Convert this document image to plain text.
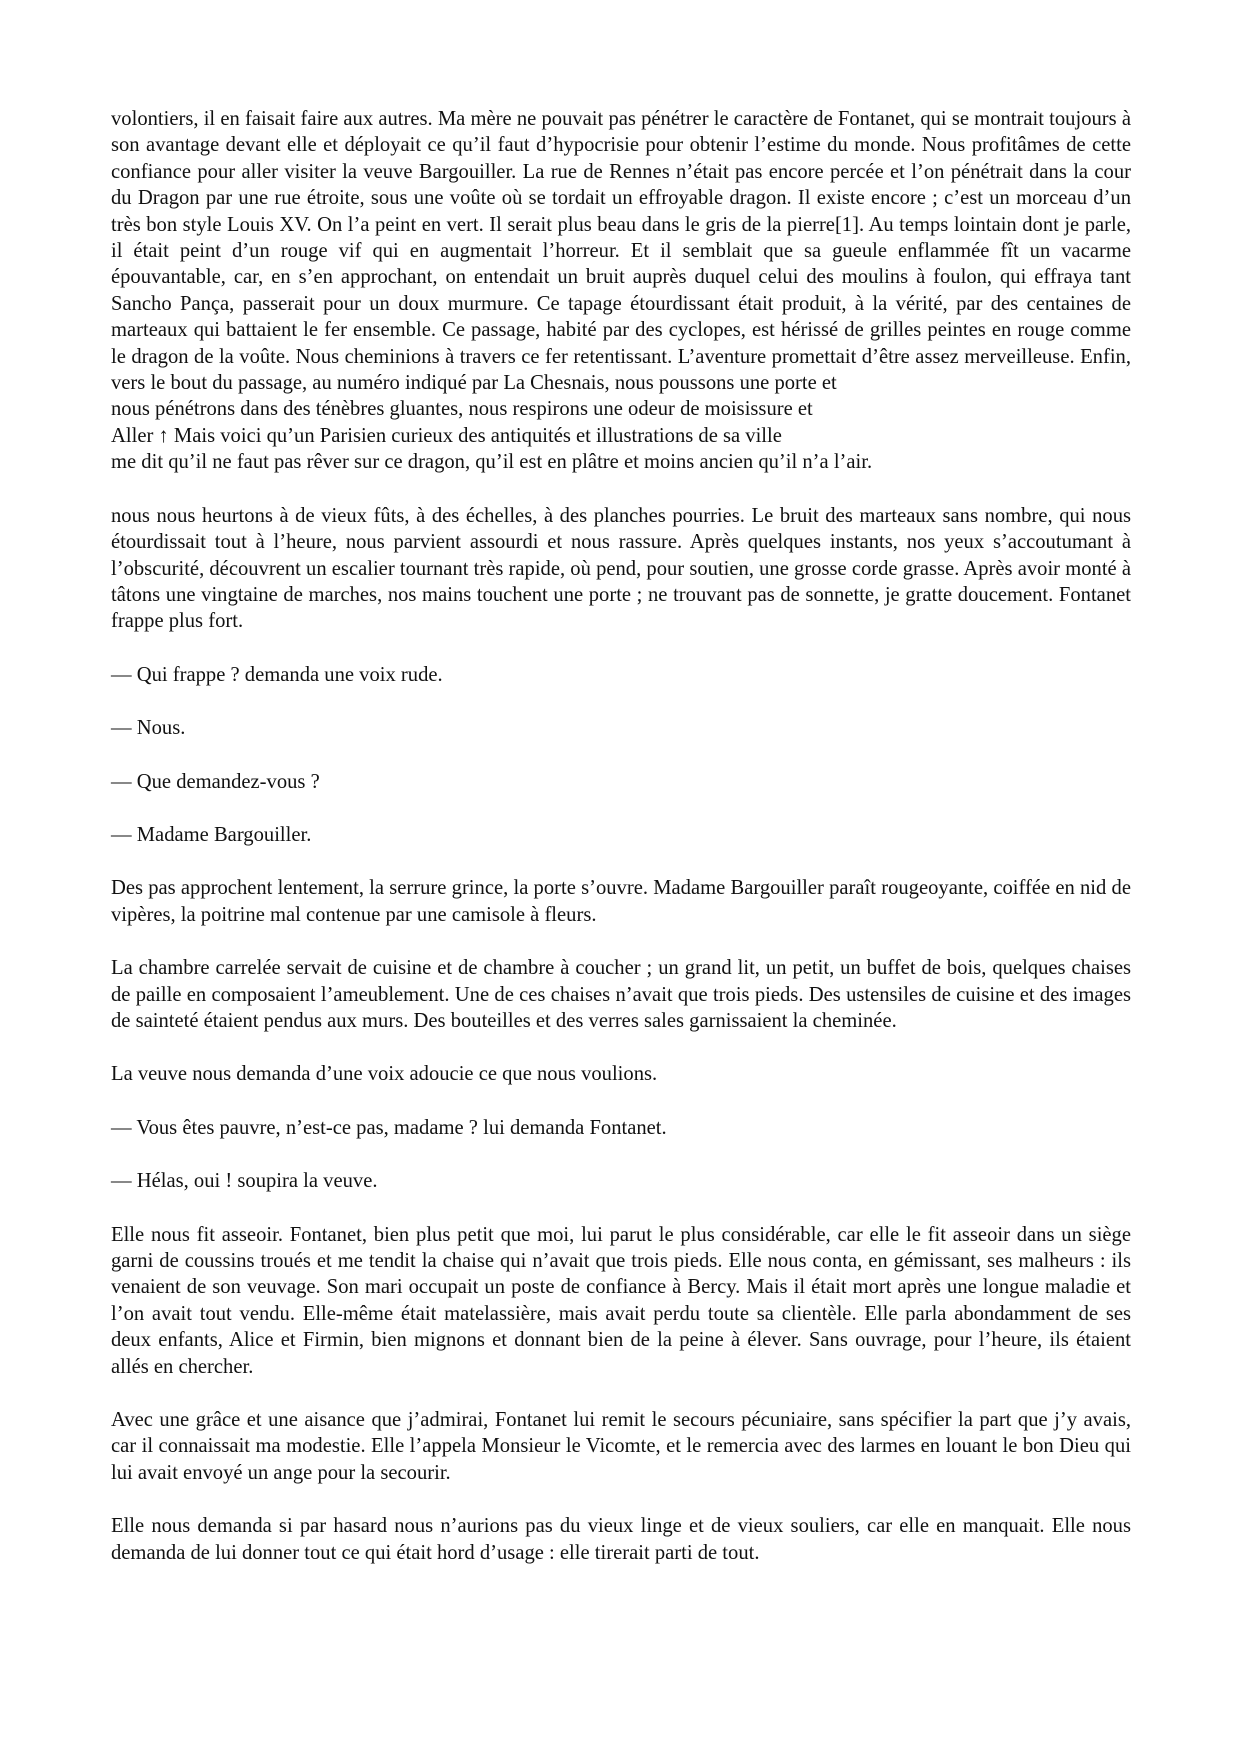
volontiers, il en faisait faire aux autres. Ma mère ne pouvait pas pénétrer le caractère de Fontanet, qui se montrait toujours à son avantage devant elle et déployait ce qu’il faut d’hypocrisie pour obtenir l’estime du monde. Nous profitâmes de cette confiance pour aller visiter la veuve Bargouiller. La rue de Rennes n’était pas encore percée et l’on pénétrait dans la cour du Dragon par une rue étroite, sous une voûte où se tordait un effroyable dragon. Il existe encore ; c’est un morceau d’un très bon style Louis XV. On l’a peint en vert. Il serait plus beau dans le gris de la pierre[1]. Au temps lointain dont je parle, il était peint d’un rouge vif qui en augmentait l’horreur. Et il semblait que sa gueule enflammée fît un vacarme épouvantable, car, en s’en approchant, on entendait un bruit auprès duquel celui des moulins à foulon, qui effraya tant Sancho Pança, passerait pour un doux murmure. Ce tapage étourdissant était produit, à la vérité, par des centaines de marteaux qui battaient le fer ensemble. Ce passage, habité par des cyclopes, est hérissé de grilles peintes en rouge comme le dragon de la voûte. Nous cheminions à travers ce fer retentissant. L’aventure promettait d’être assez merveilleuse. Enfin, vers le bout du passage, au numéro indiqué par La Chesnais, nous poussons une porte et

nous pénétrons dans des ténèbres gluantes, nous respirons une odeur de moisissure et
Aller ↑ Mais voici qu’un Parisien curieux des antiquités et illustrations de sa ville
me dit qu’il ne faut pas rêver sur ce dragon, qu’il est en plâtre et moins ancien qu’il n’a l’air.

nous nous heurtons à de vieux fûts, à des échelles, à des planches pourries. Le bruit des marteaux sans nombre, qui nous étourdissait tout à l’heure, nous parvient assourdi et nous rassure. Après quelques instants, nos yeux s’accoutumant à l’obscurité, découvrent un escalier tournant très rapide, où pend, pour soutien, une grosse corde grasse. Après avoir monté à tâtons une vingtaine de marches, nos mains touchent une porte ; ne trouvant pas de sonnette, je gratte doucement. Fontanet frappe plus fort.

— Qui frappe ? demanda une voix rude.

— Nous.

— Que demandez-vous ?

— Madame Bargouiller.

Des pas approchent lentement, la serrure grince, la porte s’ouvre. Madame Bargouiller paraît rougeoyante, coiffée en nid de vipères, la poitrine mal contenue par une camisole à fleurs.

La chambre carrelée servait de cuisine et de chambre à coucher ; un grand lit, un petit, un buffet de bois, quelques chaises de paille en composaient l’ameublement. Une de ces chaises n’avait que trois pieds. Des ustensiles de cuisine et des images de sainteté étaient pendus aux murs. Des bouteilles et des verres sales garnissaient la cheminée.

La veuve nous demanda d’une voix adoucie ce que nous voulions.

— Vous êtes pauvre, n’est-ce pas, madame ? lui demanda Fontanet.

— Hélas, oui ! soupira la veuve.

Elle nous fit asseoir. Fontanet, bien plus petit que moi, lui parut le plus considérable, car elle le fit asseoir dans un siège garni de coussins troués et me tendit la chaise qui n’avait que trois pieds. Elle nous conta, en gémissant, ses malheurs : ils venaient de son veuvage. Son mari occupait un poste de confiance à Bercy. Mais il était mort après une longue maladie et l’on avait tout vendu. Elle-même était matelassière, mais avait perdu toute sa clientèle. Elle parla abondamment de ses deux enfants, Alice et Firmin, bien mignons et donnant bien de la peine à élever. Sans ouvrage, pour l’heure, ils étaient allés en chercher.

Avec une grâce et une aisance que j’admirai, Fontanet lui remit le secours pécuniaire, sans spécifier la part que j’y avais, car il connaissait ma modestie. Elle l’appela Monsieur le Vicomte, et le remercia avec des larmes en louant le bon Dieu qui lui avait envoyé un ange pour la secourir.

Elle nous demanda si par hasard nous n’aurions pas du vieux linge et de vieux souliers, car elle en manquait. Elle nous demanda de lui donner tout ce qui était hord d’usage : elle tirerait parti de tout.
